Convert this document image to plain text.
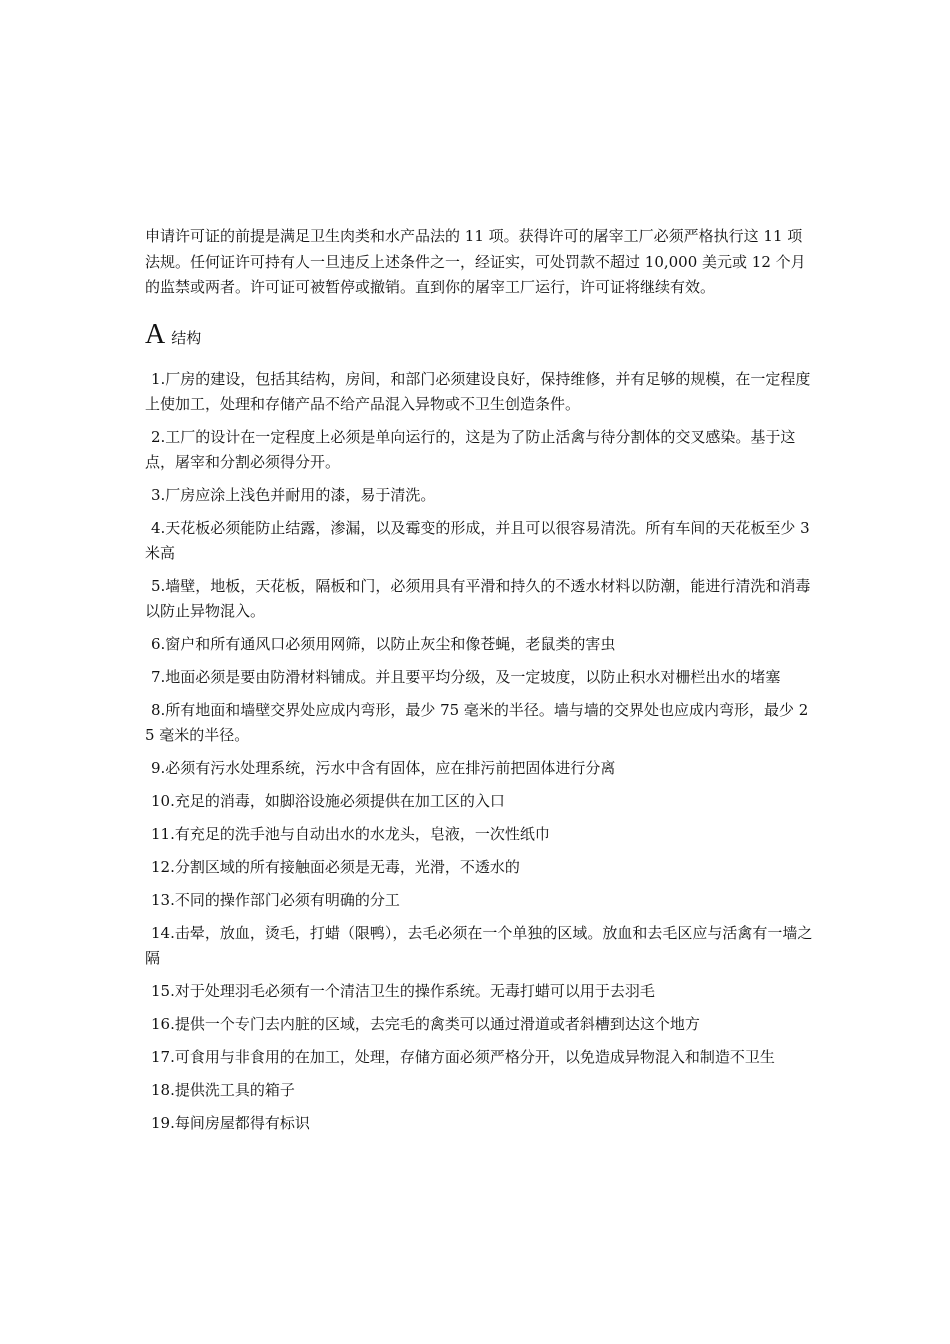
申请许可证的前提是满足卫生肉类和水产品法的 11 项。获得许可的屠宰工厂必须严格执行这 11 项法规。任何证许可持有人一旦违反上述条件之一，经证实，可处罚款不超过 10,000 美元或 12 个月的监禁或两者。许可证可被暂停或撤销。直到你的屠宰工厂运行，许可证将继续有效。

A 结构
1.厂房的建设，包括其结构，房间，和部门必须建设良好，保持维修，并有足够的规模，在一定程度上使加工，处理和存储产品不给产品混入异物或不卫生创造条件。
2.工厂的设计在一定程度上必须是单向运行的，这是为了防止活禽与待分割体的交叉感染。基于这点，屠宰和分割必须得分开。
3.厂房应涂上浅色并耐用的漆，易于清洗。
4.天花板必须能防止结露，渗漏，以及霉变的形成，并且可以很容易清洗。所有车间的天花板至少 3 米高
5.墙壁，地板，天花板，隔板和门，必须用具有平滑和持久的不透水材料以防潮，能进行清洗和消毒以防止异物混入。
6.窗户和所有通风口必须用网筛，以防止灰尘和像苍蝇，老鼠类的害虫
7.地面必须是要由防滑材料铺成。并且要平均分级，及一定坡度，以防止积水对栅栏出水的堵塞
8.所有地面和墙壁交界处应成内弯形，最少 75 毫米的半径。墙与墙的交界处也应成内弯形，最少 25 毫米的半径。
9.必须有污水处理系统，污水中含有固体，应在排污前把固体进行分离
10.充足的消毒，如脚浴设施必须提供在加工区的入口
11.有充足的洗手池与自动出水的水龙头，皂液，一次性纸巾
12.分割区域的所有接触面必须是无毒，光滑，不透水的
13.不同的操作部门必须有明确的分工
14.击晕，放血，烫毛，打蜡（限鸭），去毛必须在一个单独的区域。放血和去毛区应与活禽有一墙之隔
15.对于处理羽毛必须有一个清洁卫生的操作系统。无毒打蜡可以用于去羽毛
16.提供一个专门去内脏的区域，去完毛的禽类可以通过滑道或者斜槽到达这个地方
17.可食用与非食用的在加工，处理，存储方面必须严格分开，以免造成异物混入和制造不卫生
18.提供洗工具的箱子
19.每间房屋都得有标识
